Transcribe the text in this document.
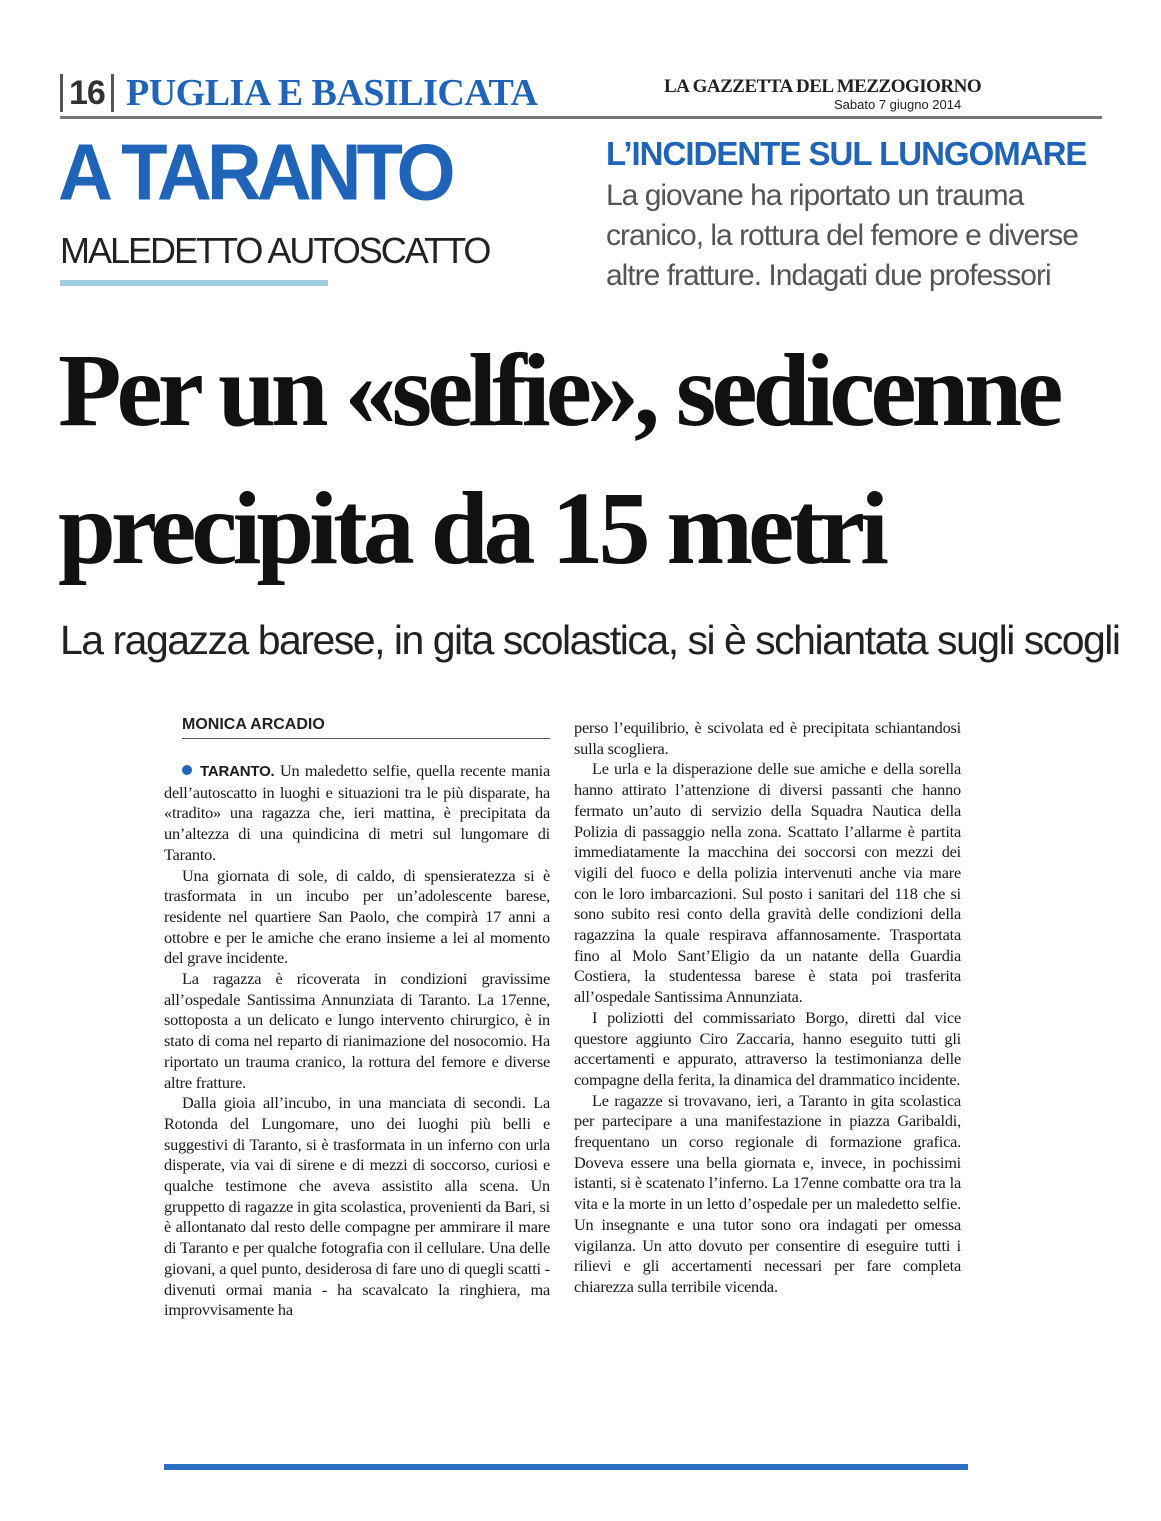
16 PUGLIA E BASILICATA	LA GAZZETTA DEL MEZZOGIORNO
Sabato 7 giugno 2014
A TARANTO
MALEDETTO AUTOSCATTO
L’INCIDENTE SUL LUNGOMARE
La giovane ha riportato un trauma cranico, la rottura del femore e diverse altre fratture. Indagati due professori
Per un «selfie», sedicenne precipita da 15 metri
La ragazza barese, in gita scolastica, si è schiantata sugli scogli
MONICA ARCADIO

TARANTO. Un maledetto selfie, quella recente mania dell’autoscatto in luoghi e situazioni tra le più disparate, ha «tradito» una ragazza che, ieri mattina, è precipitata da un’altezza di una quindicina di metri sul lungomare di Taranto.

Una giornata di sole, di caldo, di spensieratezza si è trasformata in un incubo per un’adolescente barese, residente nel quartiere San Paolo, che compirà 17 anni a ottobre e per le amiche che erano insieme a lei al momento del grave incidente.

La ragazza è ricoverata in condizioni gravissime all’ospedale Santissima Annunziata di Taranto. La 17enne, sottoposta a un delicato e lungo intervento chirurgico, è in stato di coma nel reparto di rianimazione del nosocomio. Ha riportato un trauma cranico, la rottura del femore e diverse altre fratture.

Dalla gioia all’incubo, in una manciata di secondi. La Rotonda del Lungomare, uno dei luoghi più belli e suggestivi di Taranto, si è trasformata in un inferno con urla disperate, via vai di sirene e di mezzi di soccorso, curiosi e qualche testimone che aveva assistito alla scena. Un gruppetto di ragazze in gita scolastica, provenienti da Bari, si è allontanato dal resto delle compagne per ammirare il mare di Taranto e per qualche fotografia con il cellulare. Una delle giovani, a quel punto, desiderosa di fare uno di quegli scatti - divenuti ormai mania - ha scavalcato la ringhiera, ma improvvisamente ha

perso l’equilibrio, è scivolata ed è precipitata schiantandosi sulla scogliera.

Le urla e la disperazione delle sue amiche e della sorella hanno attirato l’attenzione di diversi passanti che hanno fermato un’auto di servizio della Squadra Nautica della Polizia di passaggio nella zona. Scattato l’allarme è partita immediatamente la macchina dei soccorsi con mezzi dei vigili del fuoco e della polizia intervenuti anche via mare con le loro imbarcazioni. Sul posto i sanitari del 118 che si sono subito resi conto della gravità delle condizioni della ragazzina la quale respirava affannosamente. Trasportata fino al Molo Sant’Eligio da un natante della Guardia Costiera, la studentessa barese è stata poi trasferita all’ospedale Santissima Annunziata.

I poliziotti del commissariato Borgo, diretti dal vice questore aggiunto Ciro Zaccaria, hanno eseguito tutti gli accertamenti e appurato, attraverso la testimonianza delle compagne della ferita, la dinamica del drammatico incidente.

Le ragazze si trovavano, ieri, a Taranto in gita scolastica per partecipare a una manifestazione in piazza Garibaldi, frequentano un corso regionale di formazione grafica. Doveva essere una bella giornata e, invece, in pochissimi istanti, si è scatenato l’inferno. La 17enne combatte ora tra la vita e la morte in un letto d’ospedale per un maledetto selfie. Un insegnante e una tutor sono ora indagati per omessa vigilanza. Un atto dovuto per consentire di eseguire tutti i rilievi e gli accertamenti necessari per fare completa chiarezza sulla terribile vicenda.
